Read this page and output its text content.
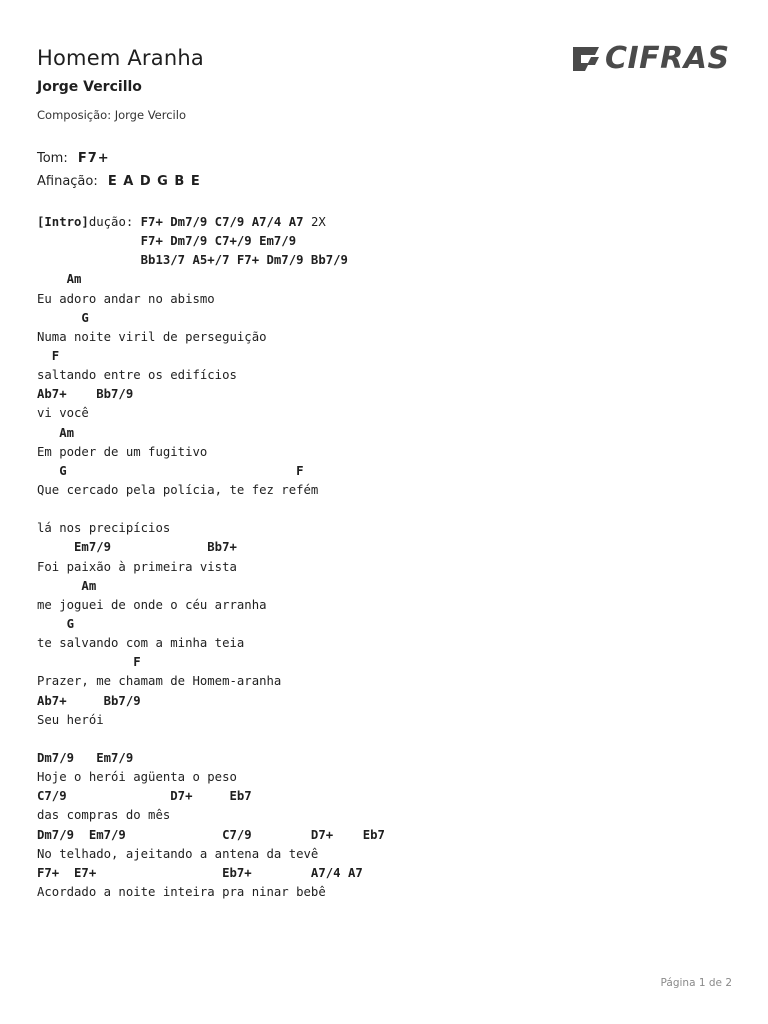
Homem Aranha
Jorge Vercillo
Composição: Jorge Vercilo
CIFRAS
Tom: F7+
Afinação: E A D G B E
[Intro]dução: F7+ Dm7/9 C7/9 A7/4 A7 2X
F7+ Dm7/9 C7+/9 Em7/9
Bb13/7 A5+/7 F7+ Dm7/9 Bb7/9
Am
Eu adoro andar no abismo
G
Numa noite viril de perseguição
F
saltando entre os edifícios
Ab7+    Bb7/9
vi você
Am
Em poder de um fugitivo
G                               F
Que cercado pela polícia, te fez refém
lá nos precipícios
Em7/9             Bb7+
Foi paixão à primeira vista
Am
me joguei de onde o céu arranha
G
te salvando com a minha teia
F
Prazer, me chamam de Homem-aranha
Ab7+     Bb7/9
Seu herói
Dm7/9   Em7/9
Hoje o herói agüenta o peso
C7/9              D7+     Eb7
das compras do mês
Dm7/9  Em7/9             C7/9        D7+    Eb7
No telhado, ajeitando a antena da tevê
F7+  E7+                 Eb7+        A7/4 A7
Acordado a noite inteira pra ninar bebê
Página 1 de 2
